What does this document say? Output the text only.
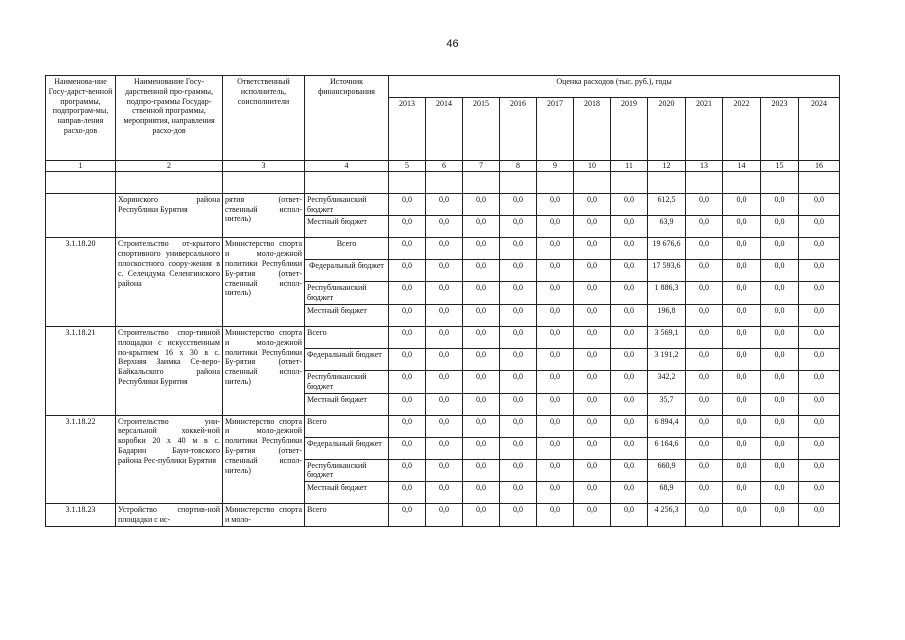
46
Наименова-ние Госу-дарст-венной программы, подпрограм-мы, направ-ления расхо-дов	Наименование Госу-дарственной про-граммы, подпро-граммы Государ-ственной программы, мероприятия, направления расхо-дов	Ответственный исполнитель, соисполнители	Источник финансирования	Оценка расходов (тыс. руб.), годы											
				2013	2014	2015	2016	2017	2018	2019	2020	2021	2022	2023	2024
1	2	3	4	5	6	7	8	9	10	11	12	13	14	15	16

	Хоринского района Республики Бурятия	рятия (ответ-ственный испол-нитель)	Республиканский бюджет	0,0	0,0	0,0	0,0	0,0	0,0	0,0	612,5	0,0	0,0	0,0	0,0
			Местный бюджет	0,0	0,0	0,0	0,0	0,0	0,0	0,0	63,9	0,0	0,0	0,0	0,0
3.1.18.20	Строительство от-крытого спортивного универсального плоскостного соору-жения в с. Селендума Селенгинского района	Министерство спорта и моло-дежной политики Республики Бу-рятия (ответ-ственный испол-нитель)	Всего	0,0	0,0	0,0	0,0	0,0	0,0	0,0	19 676,6	0,0	0,0	0,0	0,0
			Федеральный бюджет	0,0	0,0	0,0	0,0	0,0	0,0	0,0	17 593,6	0,0	0,0	0,0	0,0
			Республиканский бюджет	0,0	0,0	0,0	0,0	0,0	0,0	0,0	1 886,3	0,0	0,0	0,0	0,0
			Местный бюджет	0,0	0,0	0,0	0,0	0,0	0,0	0,0	196,8	0,0	0,0	0,0	0,0
3.1.18.21	Строительство спор-тивной площадки с искусственным по-крытием 16 х 30 в с. Верхняя Заимка Се-веро-Байкальского района Республики Бурятия	Министерство спорта и моло-дежной политики Республики Бу-рятия (ответ-ственный испол-нитель)	Всего	0,0	0,0	0,0	0,0	0,0	0,0	0,0	3 569,1	0,0	0,0	0,0	0,0
			Федеральный бюджет	0,0	0,0	0,0	0,0	0,0	0,0	0,0	3 191,2	0,0	0,0	0,0	0,0
			Республиканский бюджет	0,0	0,0	0,0	0,0	0,0	0,0	0,0	342,2	0,0	0,0	0,0	0,0
			Местный бюджет	0,0	0,0	0,0	0,0	0,0	0,0	0,0	35,7	0,0	0,0	0,0	0,0
3.1.18.22	Строительство уни-версальной хоккей-ной коробки 20 х 40 м в с. Бадарин Баун-товского района Рес-публики Бурятия	Министерство спорта и моло-дежной политики Республики Бу-рятия (ответ-ственный испол-нитель)	Всего	0,0	0,0	0,0	0,0	0,0	0,0	0,0	6 894,4	0,0	0,0	0,0	0,0
			Федеральный бюджет	0,0	0,0	0,0	0,0	0,0	0,0	0,0	6 164,6	0,0	0,0	0,0	0,0
			Республиканский бюджет	0,0	0,0	0,0	0,0	0,0	0,0	0,0	660,9	0,0	0,0	0,0	0,0
			Местный бюджет	0,0	0,0	0,0	0,0	0,0	0,0	0,0	68,9	0,0	0,0	0,0	0,0
3.1.18.23	Устройство спортив-ной площадки с ис-	Министерство спорта и моло-	Всего	0,0	0,0	0,0	0,0	0,0	0,0	0,0	4 256,3	0,0	0,0	0,0	0,0
